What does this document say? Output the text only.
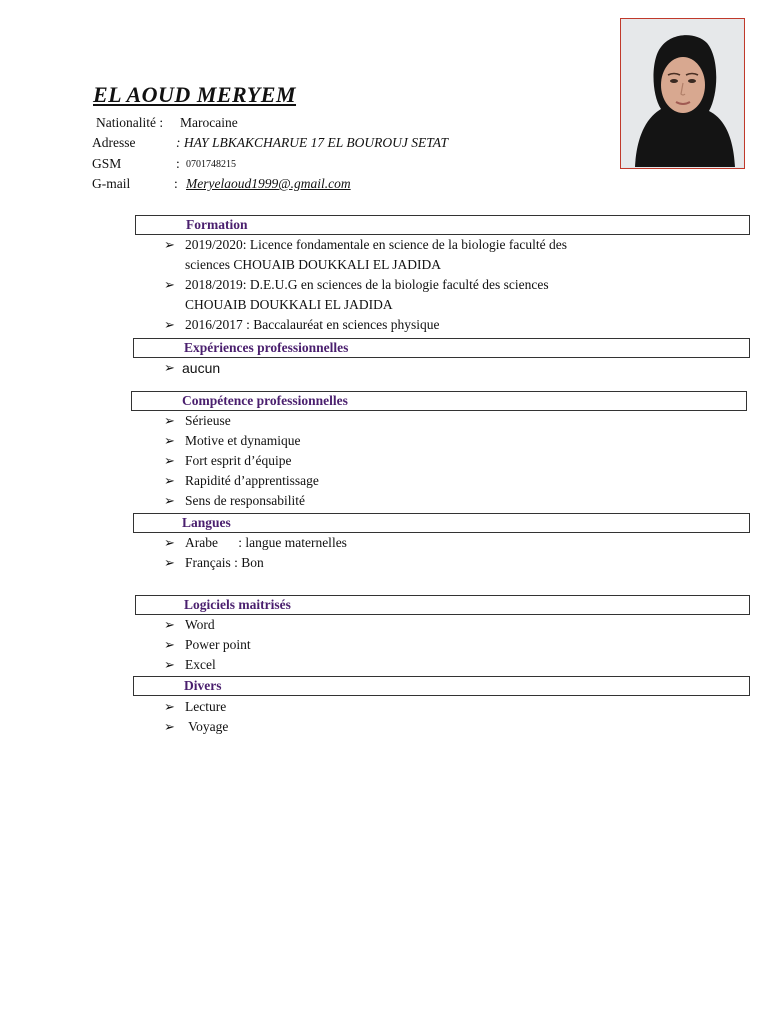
EL AOUD MERYEM
Nationalité : Marocaine
Adresse	: HAY LBKAKCHARUE 17 EL BOUROUJ SETAT
GSM	: 0701748215
G-mail	: Meryelaoud1999@.gmail.com
Formation
➢ 2019/2020: Licence fondamentale en science de la biologie faculté des
sciences CHOUAIB DOUKKALI EL JADIDA
➢ 2018/2019: D.E.U.G en sciences de la biologie faculté des sciences
CHOUAIB DOUKKALI EL JADIDA
➢ 2016/2017 : Baccalauréat en sciences physique
Expériences professionnelles
➢ aucun
Compétence professionnelles
➢ Sérieuse
➢ Motive et dynamique
➢ Fort esprit d’équipe
➢ Rapidité d’apprentissage
➢ Sens de responsabilité
Langues
➢ Arabe      : langue maternelles
➢ Français : Bon
Logiciels maitrisés
➢ Word
➢ Power point
➢ Excel
Divers
➢ Lecture
➢ Voyage
